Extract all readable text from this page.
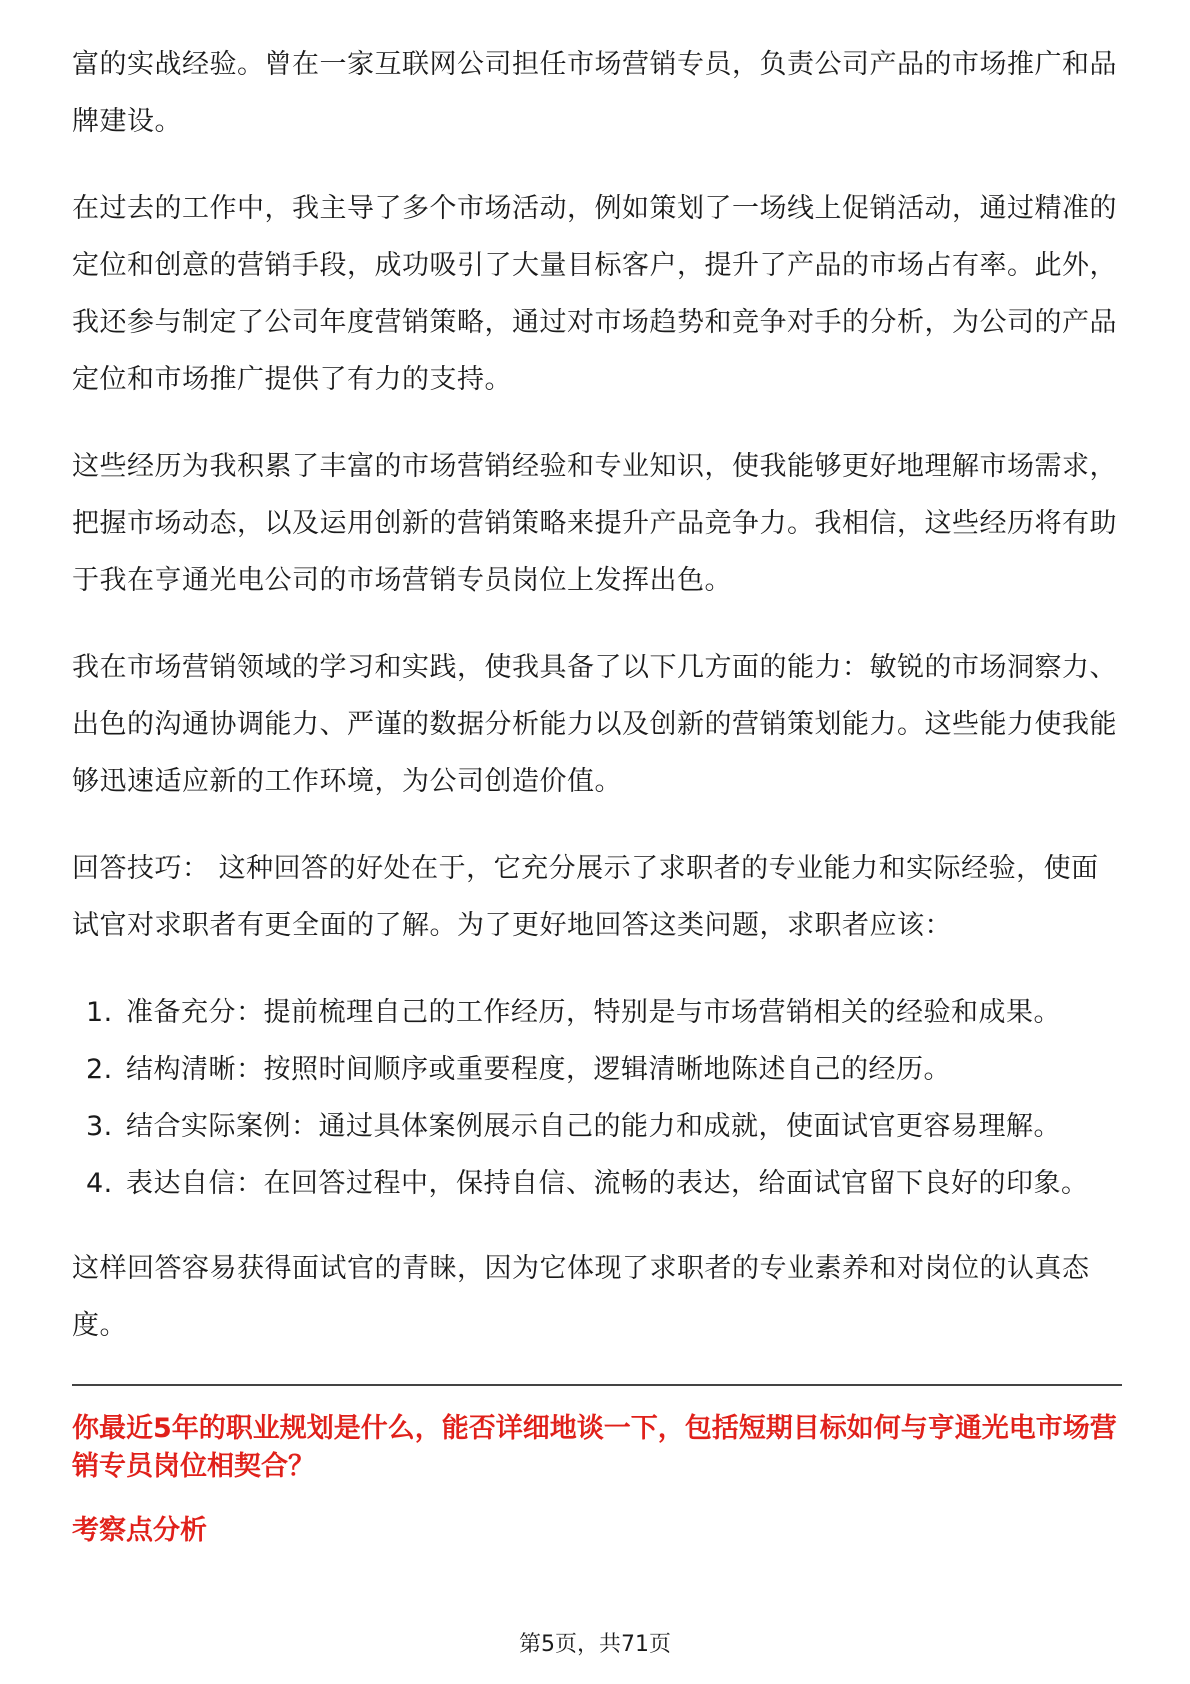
富的实战经验。曾在一家互联网公司担任市场营销专员，负责公司产品的市场推广和品牌建设。

在过去的工作中，我主导了多个市场活动，例如策划了一场线上促销活动，通过精准的定位和创意的营销手段，成功吸引了大量目标客户，提升了产品的市场占有率。此外，我还参与制定了公司年度营销策略，通过对市场趋势和竞争对手的分析，为公司的产品定位和市场推广提供了有力的支持。

这些经历为我积累了丰富的市场营销经验和专业知识，使我能够更好地理解市场需求，把握市场动态，以及运用创新的营销策略来提升产品竞争力。我相信，这些经历将有助于我在亨通光电公司的市场营销专员岗位上发挥出色。

我在市场营销领域的学习和实践，使我具备了以下几方面的能力：敏锐的市场洞察力、出色的沟通协调能力、严谨的数据分析能力以及创新的营销策划能力。这些能力使我能够迅速适应新的工作环境，为公司创造价值。

回答技巧： 这种回答的好处在于，它充分展示了求职者的专业能力和实际经验，使面试官对求职者有更全面的了解。为了更好地回答这类问题，求职者应该：

1. 准备充分：提前梳理自己的工作经历，特别是与市场营销相关的经验和成果。
2. 结构清晰：按照时间顺序或重要程度，逻辑清晰地陈述自己的经历。
3. 结合实际案例：通过具体案例展示自己的能力和成就，使面试官更容易理解。
4. 表达自信：在回答过程中，保持自信、流畅的表达，给面试官留下良好的印象。

这样回答容易获得面试官的青睐，因为它体现了求职者的专业素养和对岗位的认真态度。

你最近5年的职业规划是什么，能否详细地谈一下，包括短期目标如何与亨通光电市场营销专员岗位相契合？

考察点分析

第5页，共71页
